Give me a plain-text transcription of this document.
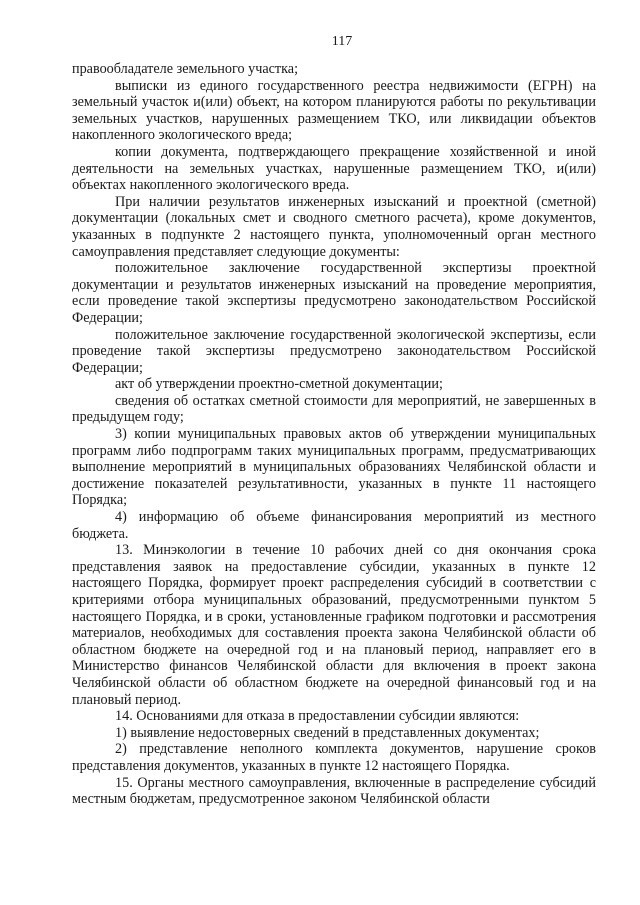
117

правообладателе земельного участка;

выписки из единого государственного реестра недвижимости (ЕГРН) на земельный участок и(или) объект, на котором планируются работы по рекультивации земельных участков, нарушенных размещением ТКО, или ликвидации объектов накопленного экологического вреда;

копии документа, подтверждающего прекращение хозяйственной и иной деятельности на земельных участках, нарушенные размещением ТКО, и(или) объектах накопленного экологического вреда.

При наличии результатов инженерных изысканий и проектной (сметной) документации (локальных смет и сводного сметного расчета), кроме документов, указанных в подпункте 2 настоящего пункта, уполномоченный орган местного самоуправления представляет следующие документы:

положительное заключение государственной экспертизы проектной документации и результатов инженерных изысканий на проведение мероприятия, если проведение такой экспертизы предусмотрено законодательством Российской Федерации;

положительное заключение государственной экологической экспертизы, если проведение такой экспертизы предусмотрено законодательством Российской Федерации;

акт об утверждении проектно-сметной документации;

сведения об остатках сметной стоимости для мероприятий, не завершенных в предыдущем году;

3) копии муниципальных правовых актов об утверждении муниципальных программ либо подпрограмм таких муниципальных программ, предусматривающих выполнение мероприятий в муниципальных образованиях Челябинской области и достижение показателей результативности, указанных в пункте 11 настоящего Порядка;

4) информацию об объеме финансирования мероприятий из местного бюджета.

13. Минэкологии в течение 10 рабочих дней со дня окончания срока представления заявок на предоставление субсидии, указанных в пункте 12 настоящего Порядка, формирует проект распределения субсидий в соответствии с критериями отбора муниципальных образований, предусмотренными пунктом 5 настоящего Порядка, и в сроки, установленные графиком подготовки и рассмотрения материалов, необходимых для составления проекта закона Челябинской области об областном бюджете на очередной год и на плановый период, направляет его в Министерство финансов Челябинской области для включения в проект закона Челябинской области об областном бюджете на очередной финансовый год и на плановый период.

14. Основаниями для отказа в предоставлении субсидии являются:

1) выявление недостоверных сведений в представленных документах;

2) представление неполного комплекта документов, нарушение сроков представления документов, указанных в пункте 12 настоящего Порядка.

15. Органы местного самоуправления, включенные в распределение субсидий местным бюджетам, предусмотренное законом Челябинской области
